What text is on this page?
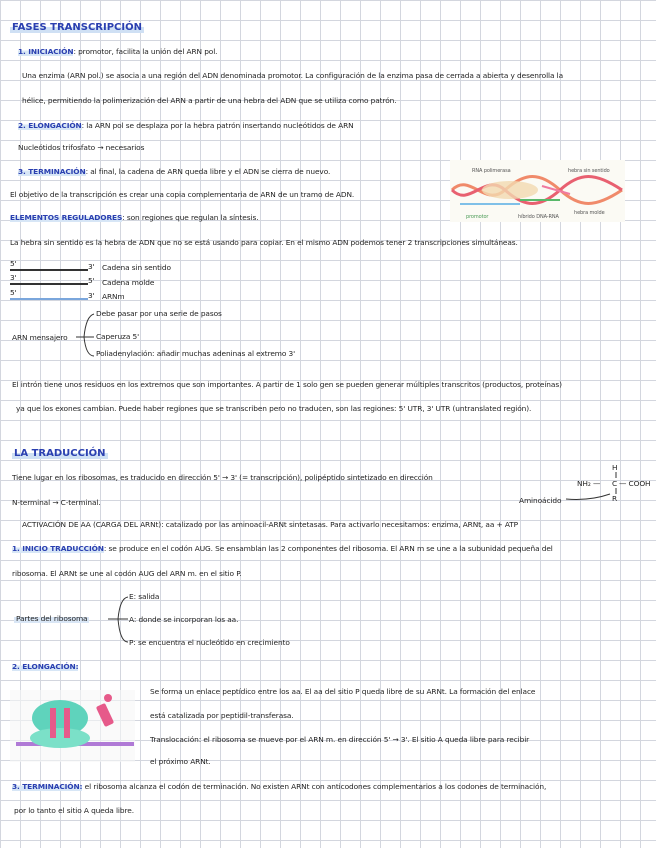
FASES TRANSCRIPCIÓN
1. INICIACIÓN: promotor, facilita la unión del ARN pol.
Una enzima (ARN pol.) se asocia a una región del ADN denominada promotor. La configuración de la enzima pasa de cerrada a abierta y desenrolla la
hélice, permitiendo la polimerización del ARN a partir de una hebra del ADN que se utiliza como patrón.
2. ELONGACIÓN: la ARN pol se desplaza por la hebra patrón insertando nucleótidos de ARN
Nucleótidos trifosfato → necesarios
3. TERMINACIÓN: al final, la cadena de ARN queda libre y el ADN se cierra de nuevo.
El objetivo de la transcripción es crear una copia complementaria de ARN de un tramo de ADN.
RNA polimerasa	hebra sin sentido
promotor	híbrido DNA-RNA
hebra molde
ELEMENTOS REGULADORES: son regiones que regulan la síntesis.
La hebra sin sentido es la hebra de ADN que no se está usando para copiar. En el mismo ADN podemos tener 2 transcripciones simultáneas.
5'	3' Cadena sin sentido
3'	5' Cadena molde
5'	3' ARNm
ARN mensajero
Debe pasar por una serie de pasos
Caperuza 5'
Poliadenylación: añadir muchas adeninas al extremo 3'
El intrón tiene unos residuos en los extremos que son importantes. A partir de 1 solo gen se pueden generar múltiples transcritos (productos, proteínas)
ya que los exones cambian. Puede haber regiones que se transcriben pero no traducen, son las regiones: 5' UTR, 3' UTR (untranslated región).
LA TRADUCCIÓN
Tiene lugar en los ribosomas, es traducido en dirección 5' → 3' (= transcripción), polipéptido sintetizado en dirección
N-terminal → C-terminal.
H
NH₂ — C — COOH
R
Aminoácido
ACTIVACIÓN DE AA (CARGA DEL ARNt): catalizado por las aminoacil-ARNt sintetasas. Para activarlo necesitamos: enzima, ARNt, aa + ATP
1. INICIO TRADUCCIÓN: se produce en el codón AUG. Se ensamblan las 2 componentes del ribosoma. El ARN m se une a la subunidad pequeña del
ribosoma. El ARNt se une al codón AUG del ARN m. en el sitio P.
Partes del ribosoma
E: salida
A: donde se incorporan los aa.
P: se encuentra el nucleótido en crecimiento
2. ELONGACIÓN:
Se forma un enlace peptídico entre los aa. El aa del sitio P queda libre de su ARNt. La formación del enlace
está catalizada por peptidil-transferasa.
Translocación: el ribosoma se mueve por el ARN m. en dirección 5' → 3'. El sitio A queda libre para recibir
el próximo ARNt.
3. TERMINACIÓN: el ribosoma alcanza el codón de terminación. No existen ARNt con anticodones complementarios a los codones de terminación,
por lo tanto el sitio A queda libre.
